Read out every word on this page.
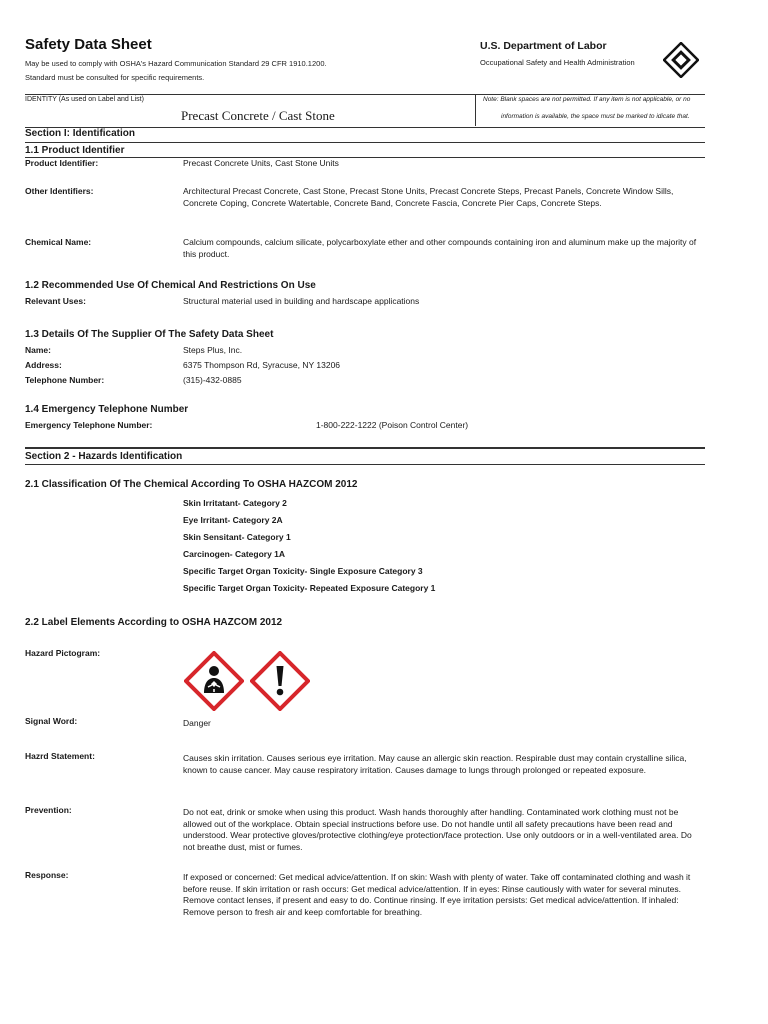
Safety Data Sheet
May be used to comply with OSHA's Hazard Communication Standard 29 CFR 1910.1200.
Standard must be consulted for specific requirements.
U.S. Department of Labor
Occupational Safety and Health Administration
IDENTITY (As used on Label and List)
Precast Concrete / Cast Stone
Note: Blank spaces are not permitted. If any item is not applicable, or no
information is available, the space must be marked to idicate that.
Section I: Identification
1.1 Product Identifier
Product Identifier:	Precast Concrete Units, Cast Stone Units
Other Identifiers:	Architectural Precast Concrete, Cast Stone, Precast Stone Units, Precast Concrete Steps, Precast Panels, Concrete Window Sills, Concrete Coping, Concrete Watertable, Concrete Band, Concrete Fascia, Concrete Pier Caps, Concrete Steps.
Chemical Name:	Calcium compounds, calcium silicate, polycarboxylate ether and other compounds containing iron and aluminum make up the majority of this product.
1.2 Recommended Use Of Chemical And Restrictions On Use
Relevant Uses:	Structural material used in building and hardscape applications
1.3 Details Of The Supplier Of The Safety Data Sheet
Name:	Steps Plus, Inc.
Address:	6375 Thompson Rd, Syracuse, NY 13206
Telephone Number:	(315)-432-0885
1.4 Emergency Telephone Number
Emergency Telephone Number:	1-800-222-1222 (Poison Control Center)
Section 2 - Hazards Identification
2.1 Classification Of The Chemical According To OSHA HAZCOM 2012
Skin Irritatant- Category 2
Eye Irritant- Category 2A
Skin Sensitant- Category 1
Carcinogen- Category 1A
Specific Target Organ Toxicity- Single Exposure Category 3
Specific Target Organ Toxicity- Repeated Exposure Category 1
2.2 Label Elements According to OSHA HAZCOM 2012
Hazard Pictogram:
Signal Word:	Danger
Hazrd Statement:	Causes skin irritation. Causes serious eye irritation. May cause an allergic skin reaction. Respirable dust may contain crystalline silica, known to cause cancer. May cause respiratory irritation. Causes damage to lungs through prolonged or repeated exposure.
Prevention:	Do not eat, drink or smoke when using this product. Wash hands thoroughly after handling. Contaminated work clothing must not be allowed out of the workplace. Obtain special instructions before use. Do not handle until all safety precautions have been read and understood. Wear protective gloves/protective clothing/eye protection/face protection. Use only outdoors or in a well-ventilated area. Do not breathe dust, mist or fumes.
Response:	If exposed or concerned: Get medical advice/attention. If on skin: Wash with plenty of water. Take off contaminated clothing and wash it before reuse. If skin irritation or rash occurs: Get medical advice/attention. If in eyes: Rinse cautiously with water for several minutes. Remove contact lenses, if present and easy to do. Continue rinsing. If eye irritation persists: Get medical advice/attention. If inhaled: Remove person to fresh air and keep comfortable for breathing.
